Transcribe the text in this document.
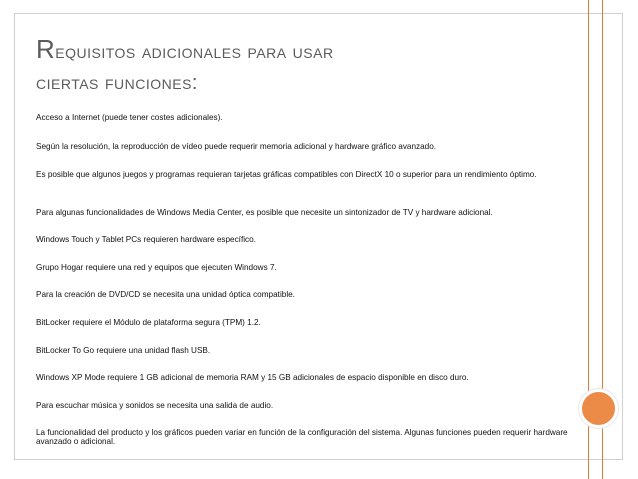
Requisitos adicionales para usar
ciertas funciones:
Acceso a Internet (puede tener costes adicionales).
Según la resolución, la reproducción de vídeo puede requerir memoria adicional y hardware gráfico avanzado.
Es posible que algunos juegos y programas requieran tarjetas gráficas compatibles con DirectX 10 o superior para un rendimiento óptimo.
Para algunas funcionalidades de Windows Media Center, es posible que necesite un sintonizador de TV y hardware adicional.
Windows Touch y Tablet PCs requieren hardware específico.
Grupo Hogar requiere una red y equipos que ejecuten Windows 7.
Para la creación de DVD/CD se necesita una unidad óptica compatible.
BitLocker requiere el Módulo de plataforma segura (TPM) 1.2.
BitLocker To Go requiere una unidad flash USB.
Windows XP Mode requiere 1 GB adicional de memoria RAM y 15 GB adicionales de espacio disponible en disco duro.
Para escuchar música y sonidos se necesita una salida de audio.
La funcionalidad del producto y los gráficos pueden variar en función de la configuración del sistema. Algunas funciones pueden requerir hardware avanzado o adicional.
